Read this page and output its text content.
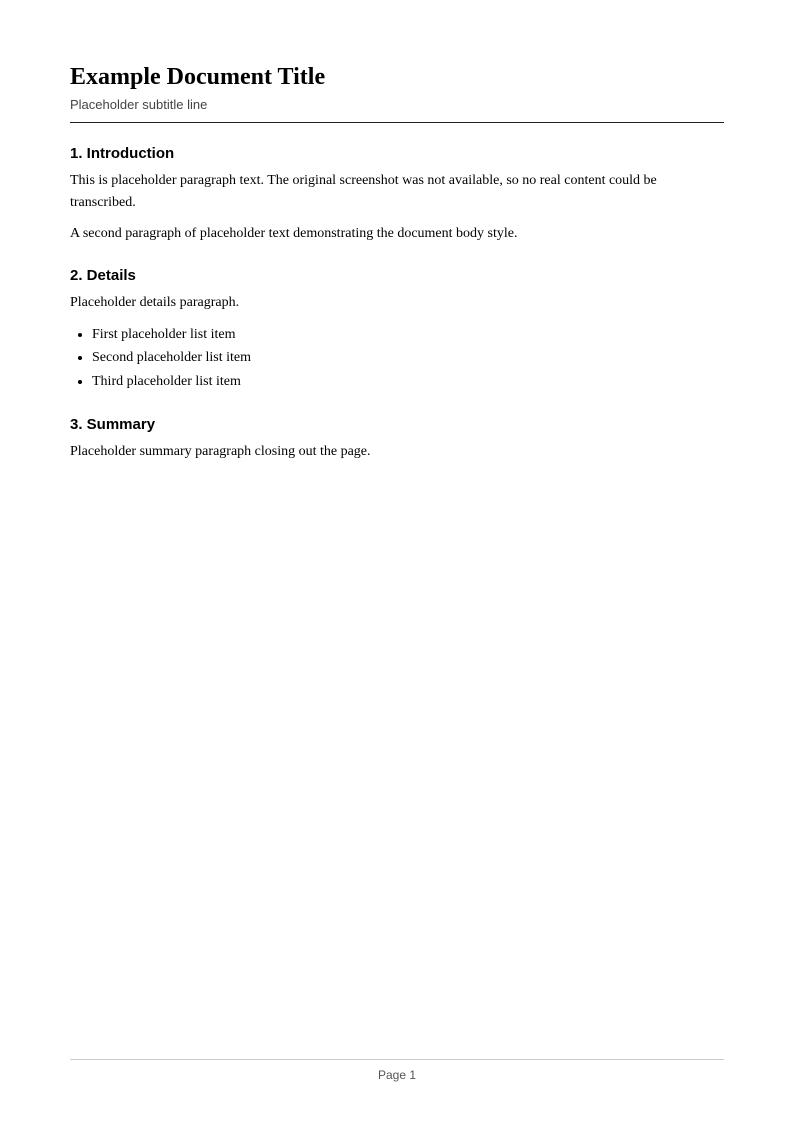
Example Document Title
Placeholder subtitle line
1. Introduction

This is placeholder paragraph text. The original screenshot was not available, so no real content could be transcribed.

A second paragraph of placeholder text demonstrating the document body style.

2. Details

Placeholder details paragraph.

• First placeholder list item
• Second placeholder list item
• Third placeholder list item
3. Summary

Placeholder summary paragraph closing out the page.

Page 1
